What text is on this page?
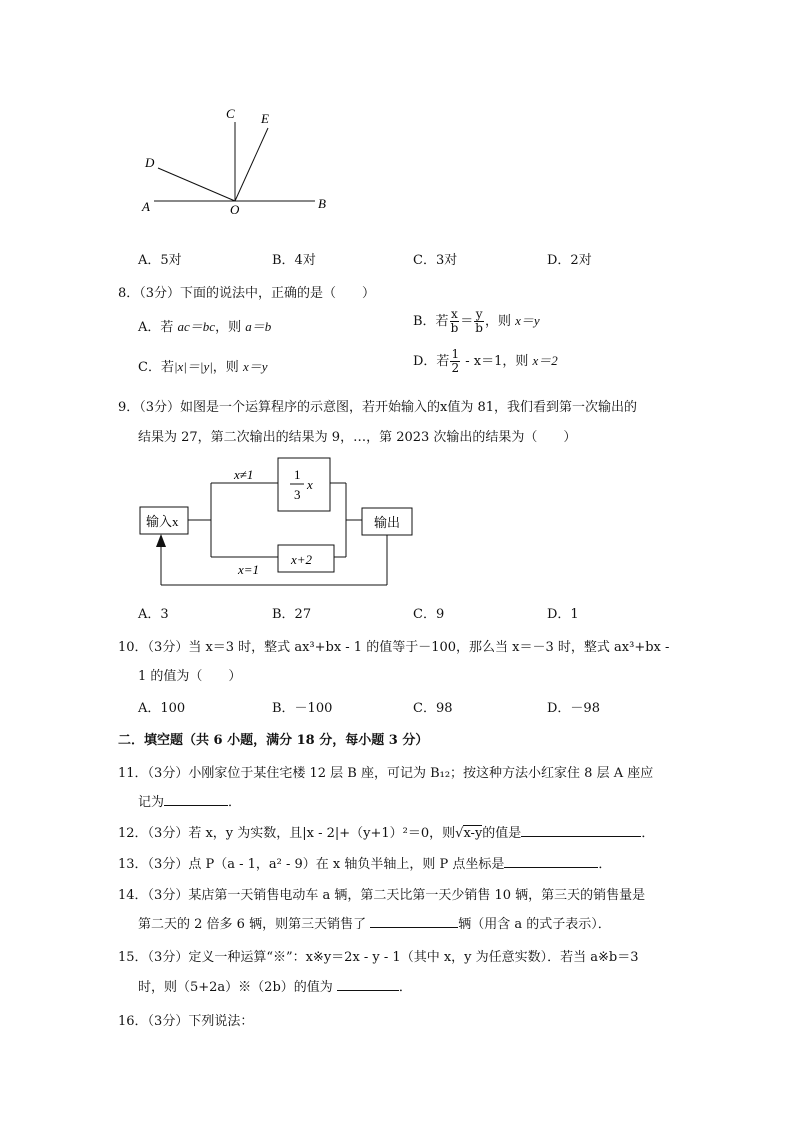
A	B
C
D
E
O
A．5对	B．4对	C．3对	D．2对
8．（3分）下面的说法中，正确的是（　　）
A．若 ac＝bc，则 a＝b	B．若 $\frac{x}{b} = \frac{y}{b}$ ，则 x＝y
C．若|x|＝|y|，则 x＝y	D．若 $\frac{1}{2} - x=1$，则 x＝2
9．（3分）如图是一个运算程序的示意图，若开始输入的x值为 81，我们看到第一次输出的
结果为 27，第二次输出的结果为 9，…，第 2023 次输出的结果为（　　）
输入x
x≠1	1
3
x
x=1
x+2
输出
A．3	B．27	C．9	D．1
10．（3分）当 x＝3 时，整式 ax³+bx - 1 的值等于－100，那么当 x＝－3 时，整式 ax³+bx -
1 的值为（　　）
A．100	B．－100	C．98	D．－98
二．填空题（共 6 小题，满分 18 分，每小题 3 分）
11．（3分）小刚家位于某住宅楼 12 层 B 座，可记为 B₁₂；按这种方法小红家住 8 层 A 座应
记为	．
12．（3分）若 x，y 为实数，且|x - 2|+（y+1）²＝0，则√x-y的值是	．
13．（3分）点 P（a - 1，a² - 9）在 x 轴负半轴上，则 P 点坐标是	．
14．（3分）某店第一天销售电动车 a 辆，第二天比第一天少销售 10 辆，第三天的销售量是
第二天的 2 倍多 6 辆，则第三天销售了	辆（用含 a 的式子表示）．
15．（3分）定义一种运算“※”：x※y＝2x - y - 1（其中 x，y 为任意实数）．若当 a※b＝3
时，则（5+2a）※（2b）的值为	．
16．（3分）下列说法：
